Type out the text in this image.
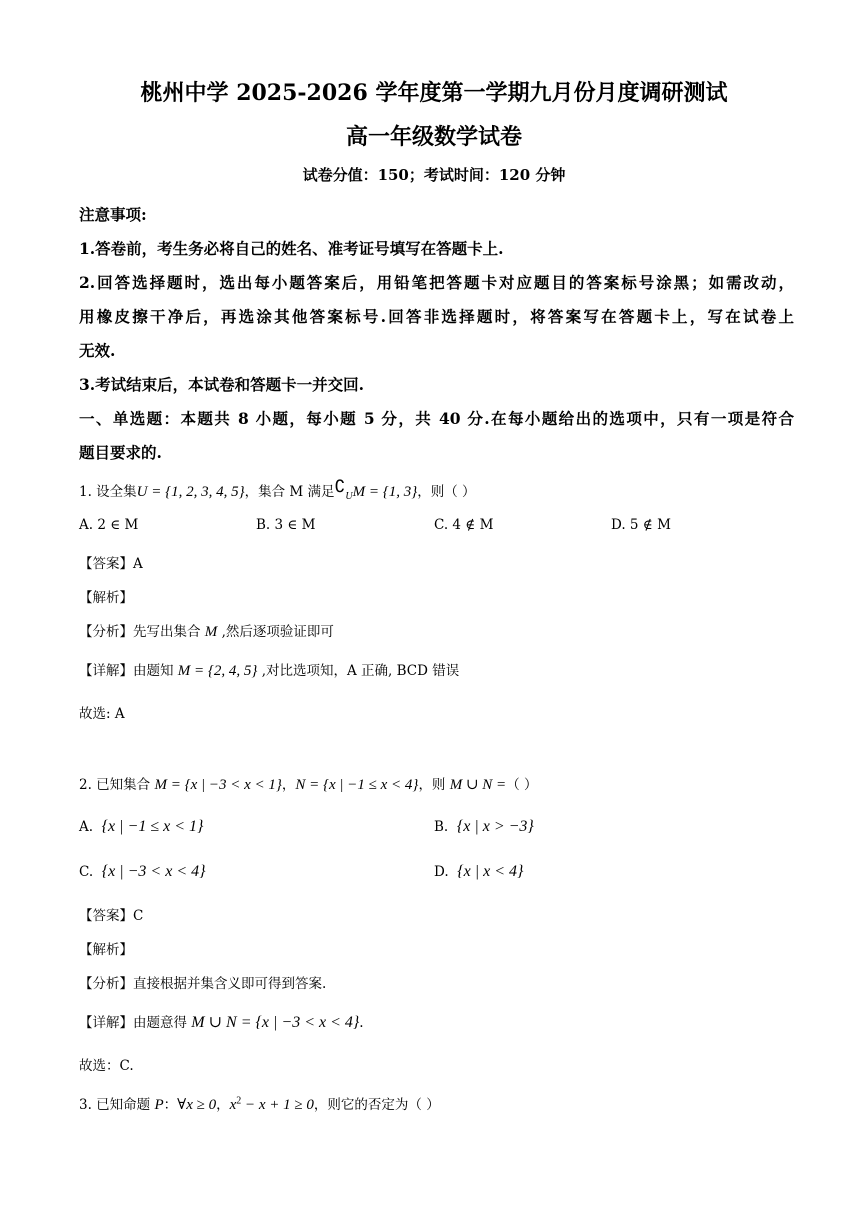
桃州中学 2025-2026 学年度第一学期九月份月度调研测试
高一年级数学试卷
试卷分值：150；考试时间：120 分钟
注意事项:
1.答卷前，考生务必将自己的姓名、准考证号填写在答题卡上.
2.回答选择题时，选出每小题答案后，用铅笔把答题卡对应题目的答案标号涂黑；如需改动，
用橡皮擦干净后，再选涂其他答案标号.回答非选择题时，将答案写在答题卡上，写在试卷上
无效.
3.考试结束后，本试卷和答题卡一并交回.
一、单选题：本题共 8 小题，每小题 5 分，共 40 分.在每小题给出的选项中，只有一项是符合
题目要求的.
1. 设全集U = {1, 2, 3, 4, 5}，集合 M 满足$∁_UM = \{1$, 3}，则（ ）
A. 2 ∈ M	B. 3 ∈ M	C. 4 ∉ M	D. 5 ∉ M
【答案】A
【解析】
【分析】先写出集合 M ,然后逐项验证即可
【详解】由题知 M = {2, 4, 5} ,对比选项知，A 正确, BCD 错误
故选: A
2. 已知集合 M = {x | −3 < x < 1}，N = {x | −1 ≤ x < 4}，则 M ∪ N =（ ）
A. {x | −1 ≤ x < 1}	B. {x | x > −3}
C. {x | −3 < x < 4}	D. {x | x < 4}
【答案】C
【解析】
【分析】直接根据并集含义即可得到答案.
【详解】由题意得 M ∪ N = {x | −3 < x < 4}.
故选：C.
3. 已知命题 P：∀x ≥ 0，$x^2 - x + 1 \ge 0$，则它的否定为（ ）
